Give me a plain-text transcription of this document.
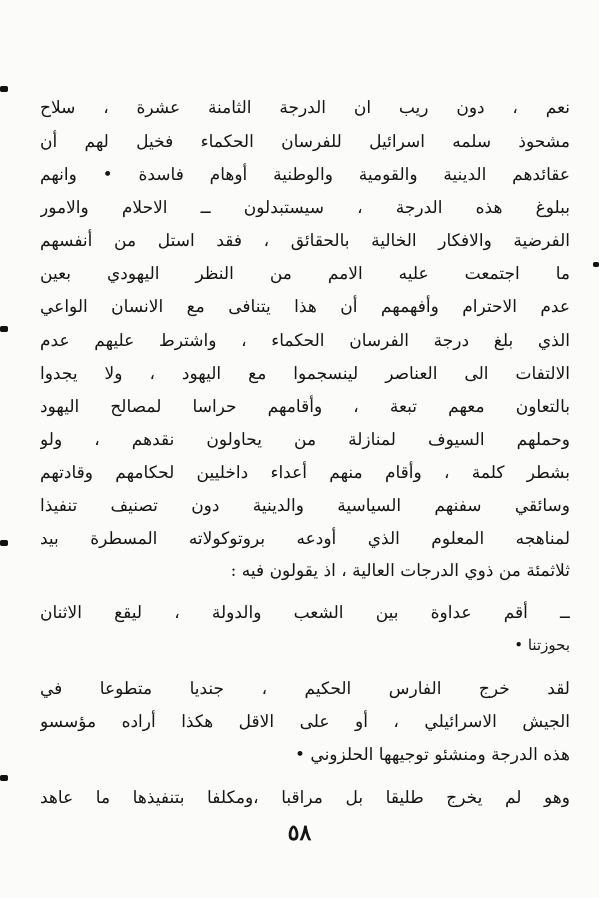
نعم ، دون ريب ان الدرجة الثامنة عشرة ، سلاح
مشحوذ سلمه اسرائيل للفرسان الحكماء فخيل لهم أن
عقائدهم الدينية والقومية والوطنية أوهام فاسدة • وانهم
ببلوغ هذه الدرجة ، سيستبدلون ــ الاحلام والامور
الفرضية والافكار الخالية بالحقائق ، فقد استل من أنفسهم
ما اجتمعت عليه الامم من النظر اليهودي بعين
عدم الاحترام وأفهمهم أن هذا يتنافى مع الانسان الواعي
الذي بلغ درجة الفرسان الحكماء ، واشترط عليهم عدم
الالتفات الى العناصر لينسجموا مع اليهود ، ولا يجدوا
بالتعاون معهم تبعة ، وأقامهم حراسا لمصالح اليهود
وحملهم السيوف لمنازلة من يحاولون نقدهم ، ولو
بشطر كلمة ، وأقام منهم أعداء داخليين لحكامهم وقادتهم
وسائقي سفنهم السياسية والدينية دون تصنيف تنفيذا
لمناهجه المعلوم الذي أودعه بروتوكولاته المسطرة بيد
ثلاثمئة من ذوي الدرجات العالية ، اذ يقولون فيه :
ــ أقم عداوة بين الشعب والدولة ، ليقع الاثنان
بحوزتنا •
لقد خرج الفارس الحكيم ، جنديا متطوعا في
الجيش الاسرائيلي ، أو على الاقل هكذا أراده مؤسسو
هذه الدرجة ومنشئو توجيهها الحلزوني •
وهو لم يخرج طليقا بل مراقبا ،ومكلفا بتنفيذها ما عاهد
٥٨
